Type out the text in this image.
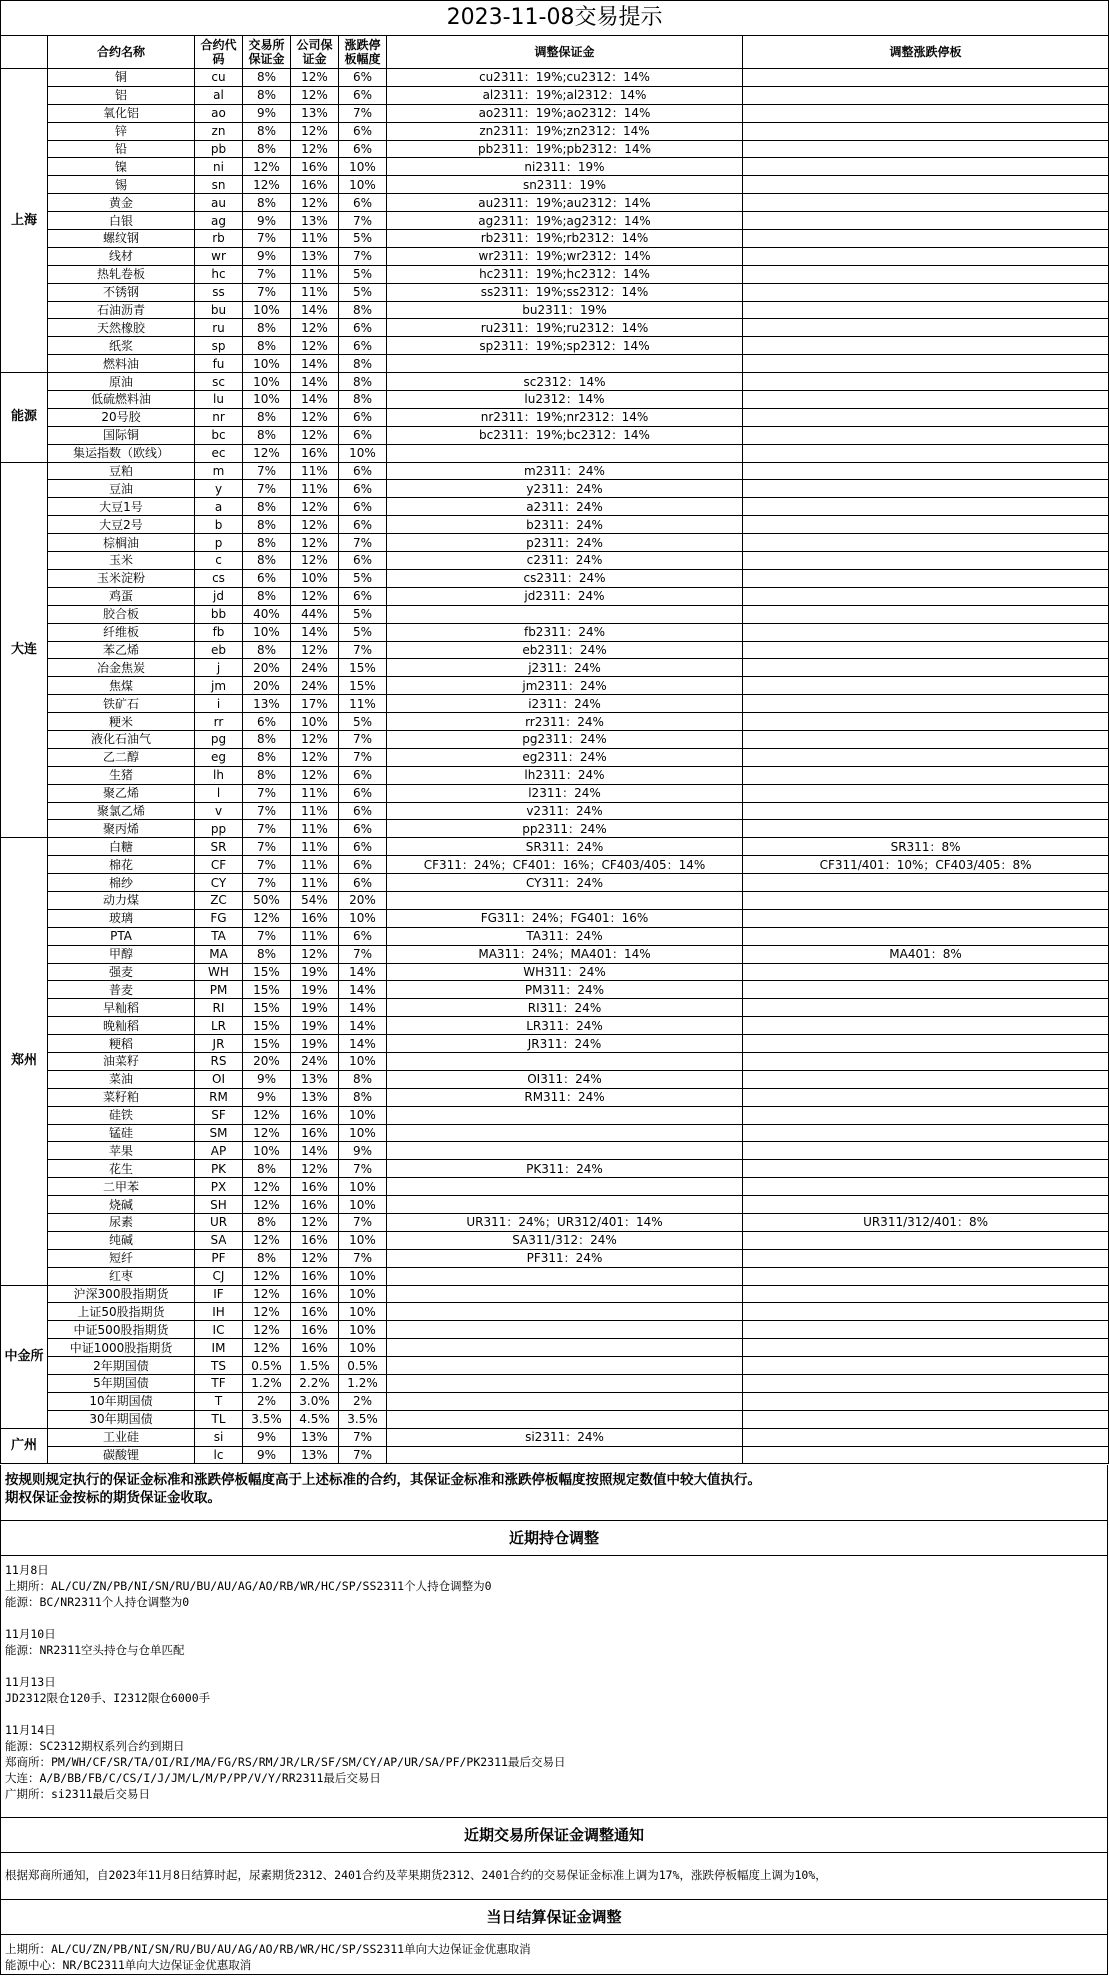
2023-11-08交易提示							
	合约名称	合约代码	交易所保证金	公司保证金	涨跌停板幅度	调整保证金	调整涨跌停板
上海	铜	cu	8%	12%	6%	cu2311：19%;cu2312：14%	
	铝	al	8%	12%	6%	al2311：19%;al2312：14%	
	氧化铝	ao	9%	13%	7%	ao2311：19%;ao2312：14%	
	锌	zn	8%	12%	6%	zn2311：19%;zn2312：14%	
	铅	pb	8%	12%	6%	pb2311：19%;pb2312：14%	
	镍	ni	12%	16%	10%	ni2311：19%	
	锡	sn	12%	16%	10%	sn2311：19%	
	黄金	au	8%	12%	6%	au2311：19%;au2312：14%	
	白银	ag	9%	13%	7%	ag2311：19%;ag2312：14%	
	螺纹钢	rb	7%	11%	5%	rb2311：19%;rb2312：14%	
	线材	wr	9%	13%	7%	wr2311：19%;wr2312：14%	
	热轧卷板	hc	7%	11%	5%	hc2311：19%;hc2312：14%	
	不锈钢	ss	7%	11%	5%	ss2311：19%;ss2312：14%	
	石油沥青	bu	10%	14%	8%	bu2311：19%	
	天然橡胶	ru	8%	12%	6%	ru2311：19%;ru2312：14%	
	纸浆	sp	8%	12%	6%	sp2311：19%;sp2312：14%	
	燃料油	fu	10%	14%	8%		
能源	原油	sc	10%	14%	8%	sc2312：14%	
	低硫燃料油	lu	10%	14%	8%	lu2312：14%	
	20号胶	nr	8%	12%	6%	nr2311：19%;nr2312：14%	
	国际铜	bc	8%	12%	6%	bc2311：19%;bc2312：14%	
	集运指数（欧线）	ec	12%	16%	10%		
大连	豆粕	m	7%	11%	6%	m2311：24%	
	豆油	y	7%	11%	6%	y2311：24%	
	大豆1号	a	8%	12%	6%	a2311：24%	
	大豆2号	b	8%	12%	6%	b2311：24%	
	棕榈油	p	8%	12%	7%	p2311：24%	
	玉米	c	8%	12%	6%	c2311：24%	
	玉米淀粉	cs	6%	10%	5%	cs2311：24%	
	鸡蛋	jd	8%	12%	6%	jd2311：24%	
	胶合板	bb	40%	44%	5%		
	纤维板	fb	10%	14%	5%	fb2311：24%	
	苯乙烯	eb	8%	12%	7%	eb2311：24%	
	冶金焦炭	j	20%	24%	15%	j2311：24%	
	焦煤	jm	20%	24%	15%	jm2311：24%	
	铁矿石	i	13%	17%	11%	i2311：24%	
	粳米	rr	6%	10%	5%	rr2311：24%	
	液化石油气	pg	8%	12%	7%	pg2311：24%	
	乙二醇	eg	8%	12%	7%	eg2311：24%	
	生猪	lh	8%	12%	6%	lh2311：24%	
	聚乙烯	l	7%	11%	6%	l2311：24%	
	聚氯乙烯	v	7%	11%	6%	v2311：24%	
	聚丙烯	pp	7%	11%	6%	pp2311：24%	
郑州	白糖	SR	7%	11%	6%	SR311：24%	SR311：8%
	棉花	CF	7%	11%	6%	CF311：24%；CF401：16%；CF403/405：14%	CF311/401：10%；CF403/405：8%
	棉纱	CY	7%	11%	6%	CY311：24%	
	动力煤	ZC	50%	54%	20%		
	玻璃	FG	12%	16%	10%	FG311：24%；FG401：16%	
	PTA	TA	7%	11%	6%	TA311：24%	
	甲醇	MA	8%	12%	7%	MA311：24%；MA401：14%	MA401：8%
	强麦	WH	15%	19%	14%	WH311：24%	
	普麦	PM	15%	19%	14%	PM311：24%	
	早籼稻	RI	15%	19%	14%	RI311：24%	
	晚籼稻	LR	15%	19%	14%	LR311：24%	
	粳稻	JR	15%	19%	14%	JR311：24%	
	油菜籽	RS	20%	24%	10%		
	菜油	OI	9%	13%	8%	OI311：24%	
	菜籽粕	RM	9%	13%	8%	RM311：24%	
	硅铁	SF	12%	16%	10%		
	锰硅	SM	12%	16%	10%		
	苹果	AP	10%	14%	9%		
	花生	PK	8%	12%	7%	PK311：24%	
	二甲苯	PX	12%	16%	10%		
	烧碱	SH	12%	16%	10%		
	尿素	UR	8%	12%	7%	UR311：24%；UR312/401：14%	UR311/312/401：8%
	纯碱	SA	12%	16%	10%	SA311/312：24%	
	短纤	PF	8%	12%	7%	PF311：24%	
	红枣	CJ	12%	16%	10%		
中金所	沪深300股指期货	IF	12%	16%	10%		
	上证50股指期货	IH	12%	16%	10%		
	中证500股指期货	IC	12%	16%	10%		
	中证1000股指期货	IM	12%	16%	10%		
	2年期国债	TS	0.5%	1.5%	0.5%		
	5年期国债	TF	1.2%	2.2%	1.2%		
	10年期国债	T	2%	3.0%	2%		
	30年期国债	TL	3.5%	4.5%	3.5%		
广州	工业硅	si	9%	13%	7%	si2311：24%	
	碳酸锂	lc	9%	13%	7%		
按规则规定执行的保证金标准和涨跌停板幅度高于上述标准的合约，其保证金标准和涨跌停板幅度按照规定数值中较大值执行。
期权保证金按标的期货保证金收取。
近期持仓调整
11月8日
上期所：AL/CU/ZN/PB/NI/SN/RU/BU/AU/AG/AO/RB/WR/HC/SP/SS2311个人持仓调整为0
能源：BC/NR2311个人持仓调整为0
11月10日
能源：NR2311空头持仓与仓单匹配
11月13日
JD2312限仓120手、I2312限仓6000手
11月14日
能源：SC2312期权系列合约到期日
郑商所：PM/WH/CF/SR/TA/OI/RI/MA/FG/RS/RM/JR/LR/SF/SM/CY/AP/UR/SA/PF/PK2311最后交易日
大连：A/B/BB/FB/C/CS/I/J/JM/L/M/P/PP/V/Y/RR2311最后交易日
广期所：si2311最后交易日
近期交易所保证金调整通知
根据郑商所通知，自2023年11月8日结算时起，尿素期货2312、2401合约及苹果期货2312、2401合约的交易保证金标准上调为17%，涨跌停板幅度上调为10%，
当日结算保证金调整
上期所：AL/CU/ZN/PB/NI/SN/RU/BU/AU/AG/AO/RB/WR/HC/SP/SS2311单向大边保证金优惠取消
能源中心：NR/BC2311单向大边保证金优惠取消
